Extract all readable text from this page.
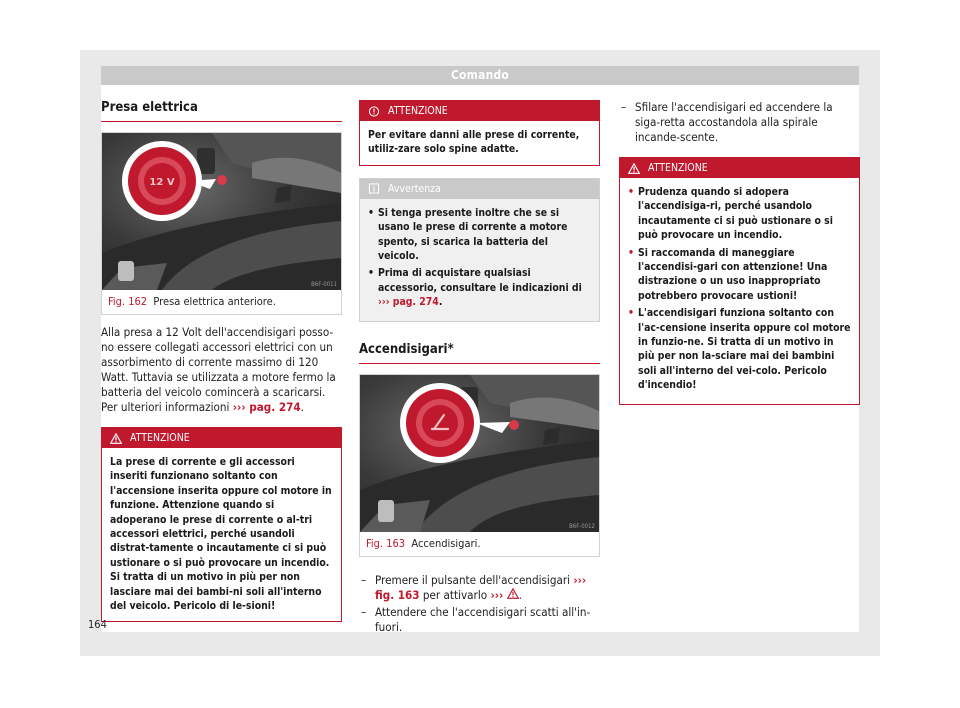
Comando
Presa elettrica
12 V
B6F-0011
Fig. 162 Presa elettrica anteriore.

Alla presa a 12 Volt dell'accendisigari posso-no essere collegati accessori elettrici con un assorbimento di corrente massimo di 120 Watt. Tuttavia se utilizzata a motore fermo la batteria del veicolo comincerà a scaricarsi. Per ulteriori informazioni ››› pag. 274.

ATTENZIONE
La prese di corrente e gli accessori inseriti funzionano soltanto con l'accensione inserita oppure col motore in funzione. Attenzione quando si adoperano le prese di corrente o al-tri accessori elettrici, perché usandoli distrat-tamente o incautamente ci si può ustionare o si può provocare un incendio. Si tratta di un motivo in più per non lasciare mai dei bambi-ni soli all'interno del veicolo. Pericolo di le-sioni!
ATTENZIONE
Per evitare danni alle prese di corrente, utiliz-zare solo spine adatte.
Avvertenza
• Si tenga presente inoltre che se si usano le prese di corrente a motore spento, si scarica la batteria del veicolo.
• Prima di acquistare qualsiasi accessorio, consultare le indicazioni di ››› pag. 274.
Accendisigari*
B6F-0012
Fig. 163 Accendisigari.
– Premere il pulsante dell'accendisigari ››› fig. 163 per attivarlo ››› .
– Attendere che l'accendisigari scatti all'in-fuori.
– Sfilare l'accendisigari ed accendere la siga-retta accostandola alla spirale incande-scente.
ATTENZIONE
• Prudenza quando si adopera l'accendisiga-ri, perché usandolo incautamente ci si può ustionare o si può provocare un incendio.
• Si raccomanda di maneggiare l'accendisi-gari con attenzione! Una distrazione o un uso inappropriato potrebbero provocare ustioni!
• L'accendisigari funziona soltanto con l'ac-censione inserita oppure col motore in funzio-ne. Si tratta di un motivo in più per non la-sciare mai dei bambini soli all'interno del vei-colo. Pericolo d'incendio!
164
